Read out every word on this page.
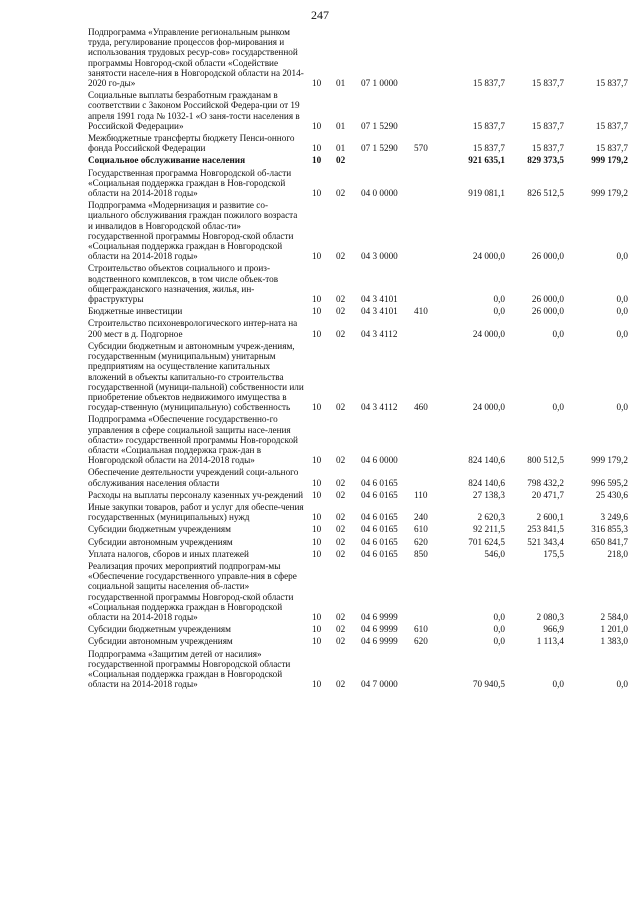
247
Подпрограмма «Управление региональным рынком труда, регулирование процессов фор-мирования и использования трудовых ресур-сов» государственной программы Новгород-ской области «Содействие занятости населе-ния в Новгородской области на 2014-2020 го-ды»	10	01	07 1 0000		15 837,7	15 837,7	15 837,7
Социальные выплаты безработным гражданам в соответствии с Законом Российской Федера-ции от 19 апреля 1991 года № 1032-1 «О заня-тости населения в Российской Федерации»	10	01	07 1 5290		15 837,7	15 837,7	15 837,7
Межбюджетные трансферты бюджету Пенси-онного фонда Российской Федерации	10	01	07 1 5290	570	15 837,7	15 837,7	15 837,7
Социальное обслуживание населения	10	02			921 635,1	829 373,5	999 179,2
Государственная программа Новгородской об-ласти «Социальная поддержка граждан в Нов-городской области на 2014-2018 годы»	10	02	04 0 0000		919 081,1	826 512,5	999 179,2
Подпрограмма «Модернизация и развитие со-циального обслуживания граждан пожилого возраста и инвалидов в Новгородской облас-ти» государственной программы Новгород-ской области «Социальная поддержка граждан в Новгородской области на 2014-2018 годы»	10	02	04 3 0000		24 000,0	26 000,0	0,0
Строительство объектов социального и произ-водственного комплексов, в том числе объек-тов общегражданского назначения, жилья, ин-фраструктуры	10	02	04 3 4101		0,0	26 000,0	0,0
Бюджетные инвестиции	10	02	04 3 4101	410	0,0	26 000,0	0,0
Строительство психоневрологического интер-ната на 200 мест в д. Подгорное	10	02	04 3 4112		24 000,0	0,0	0,0
Субсидии бюджетным и автономным учреж-дениям, государственным (муниципальным) унитарным предприятиям на осуществление капитальных вложений в объекты капитально-го строительства государственной (муници-пальной) собственности или приобретение объектов недвижимого имущества в государ-ственную (муниципальную) собственность	10	02	04 3 4112	460	24 000,0	0,0	0,0
Подпрограмма «Обеспечение государственно-го управления в сфере социальной защиты насе-ления области» государственной программы Нов-городской области «Социальная поддержка граж-дан в Новгородской области на 2014-2018 годы»	10	02	04 6 0000		824 140,6	800 512,5	999 179,2
Обеспечение деятельности учреждений соци-ального обслуживания населения области	10	02	04 6 0165		824 140,6	798 432,2	996 595,2
Расходы на выплаты персоналу казенных уч-реждений	10	02	04 6 0165	110	27 138,3	20 471,7	25 430,6
Иные закупки товаров, работ и услуг для обеспе-чения государственных (муниципальных) нужд	10	02	04 6 0165	240	2 620,3	2 600,1	3 249,6
Субсидии бюджетным учреждениям	10	02	04 6 0165	610	92 211,5	253 841,5	316 855,3
Субсидии автономным учреждениям	10	02	04 6 0165	620	701 624,5	521 343,4	650 841,7
Уплата налогов, сборов и иных платежей	10	02	04 6 0165	850	546,0	175,5	218,0
Реализация прочих мероприятий подпрограм-мы «Обеспечение государственного управле-ния в сфере социальной защиты населения об-ласти» государственной программы Новгород-ской области «Социальная поддержка граждан в Новгородской области на 2014-2018 годы»	10	02	04 6 9999		0,0	2 080,3	2 584,0
Субсидии бюджетным учреждениям	10	02	04 6 9999	610	0,0	966,9	1 201,0
Субсидии автономным учреждениям	10	02	04 6 9999	620	0,0	1 113,4	1 383,0
Подпрограмма «Защитим детей от насилия» государственной программы Новгородской области «Социальная поддержка граждан в Новгородской области на 2014-2018 годы»	10	02	04 7 0000		70 940,5	0,0	0,0
